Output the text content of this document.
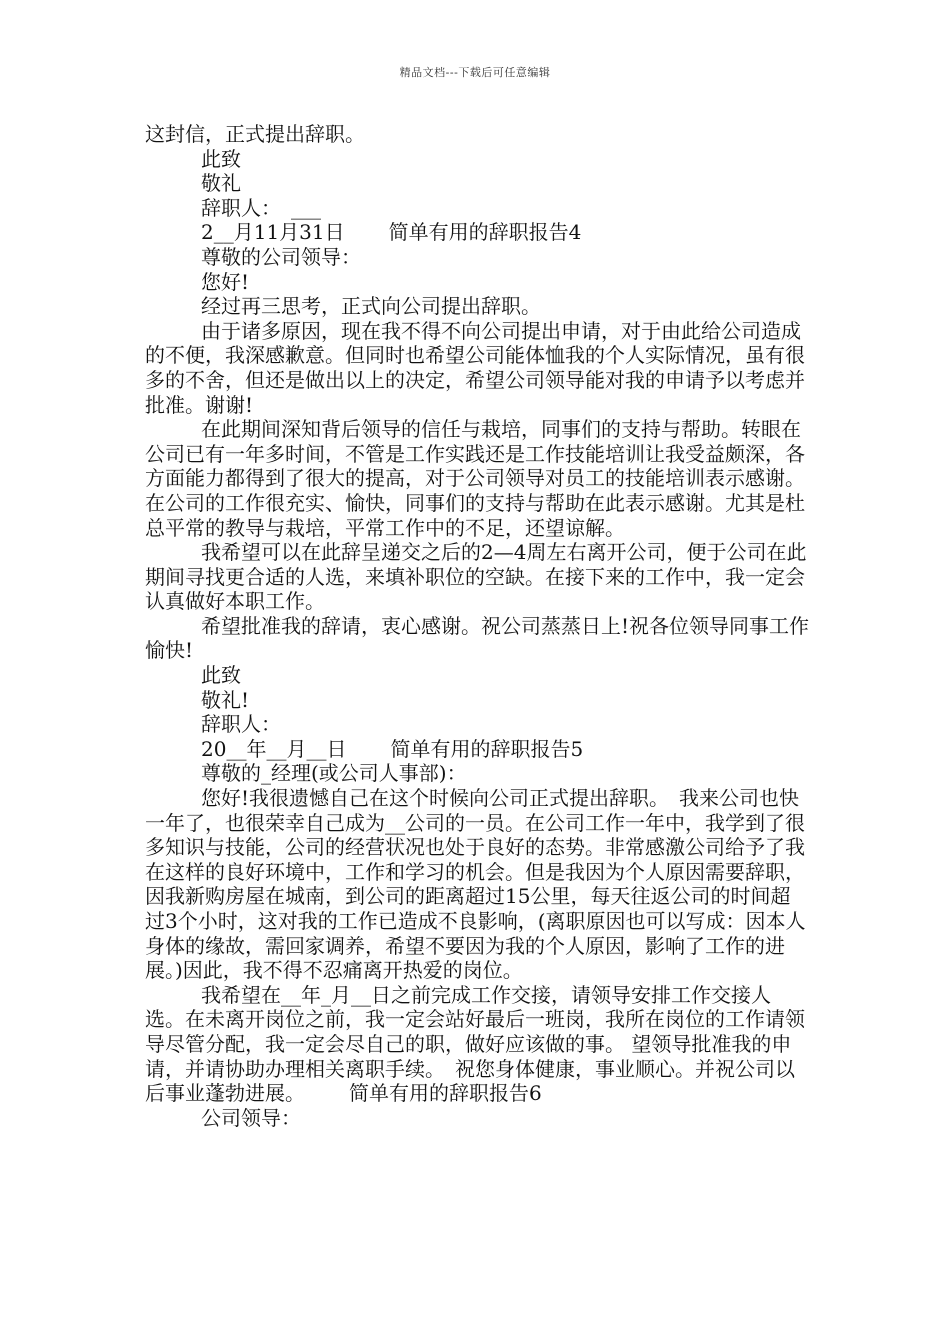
精品文档---下载后可任意编辑

这封信，正式提出辞职。

此致

敬礼

辞职人：　___

2__月11月31日 简单有用的辞职报告4

尊敬的公司领导：

您好!

经过再三思考，正式向公司提出辞职。

由于诸多原因，现在我不得不向公司提出申请，对于由此给公司造成的不便，我深感歉意。但同时也希望公司能体恤我的个人实际情况，虽有很多的不舍，但还是做出以上的决定，希望公司领导能对我的申请予以考虑并批准。谢谢!

在此期间深知背后领导的信任与栽培，同事们的支持与帮助。转眼在公司已有一年多时间，不管是工作实践还是工作技能培训让我受益颇深，各方面能力都得到了很大的提高，对于公司领导对员工的技能培训表示感谢。在公司的工作很充实、愉快，同事们的支持与帮助在此表示感谢。尤其是杜总平常的教导与栽培，平常工作中的不足，还望谅解。

我希望可以在此辞呈递交之后的2—4周左右离开公司，便于公司在此期间寻找更合适的人选，来填补职位的空缺。在接下来的工作中，我一定会认真做好本职工作。

希望批准我的辞请，衷心感谢。祝公司蒸蒸日上!祝各位领导同事工作愉快!

此致

敬礼!

辞职人：

20__年__月__日 简单有用的辞职报告5

尊敬的_经理(或公司人事部)：

您好!我很遗憾自己在这个时候向公司正式提出辞职。　我来公司也快一年了，也很荣幸自己成为__公司的一员。在公司工作一年中，我学到了很多知识与技能，公司的经营状况也处于良好的态势。非常感激公司给予了我在这样的良好环境中，工作和学习的机会。但是我因为个人原因需要辞职，因我新购房屋在城南，到公司的距离超过15公里，每天往返公司的时间超过3个小时，这对我的工作已造成不良影响，(离职原因也可以写成：因本人身体的缘故，需回家调养，希望不要因为我的个人原因，影响了工作的进展。)因此，我不得不忍痛离开热爱的岗位。

我希望在__年_月__日之前完成工作交接，请领导安排工作交接人选。在未离开岗位之前，我一定会站好最后一班岗，我所在岗位的工作请领导尽管分配，我一定会尽自己的职，做好应该做的事。 望领导批准我的申请，并请协助办理相关离职手续。　祝您身体健康，事业顺心。并祝公司以后事业蓬勃进展。 简单有用的辞职报告6

公司领导：
